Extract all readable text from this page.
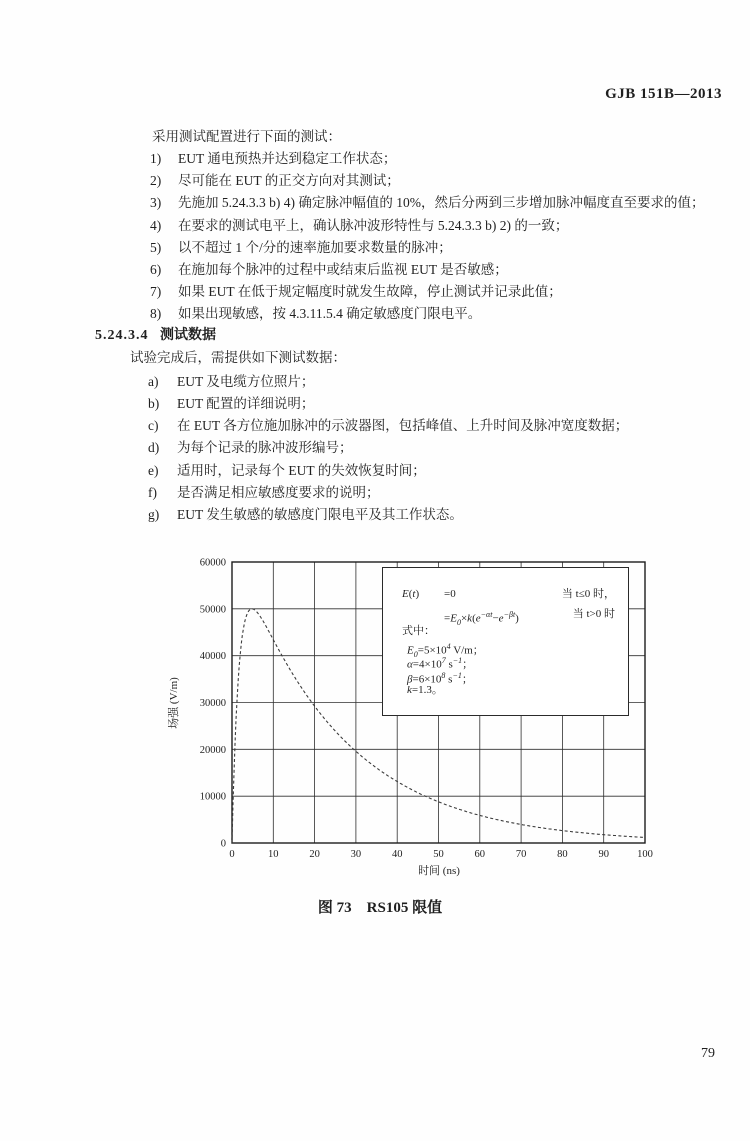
GJB 151B—2013
采用测试配置进行下面的测试：
1) EUT 通电预热并达到稳定工作状态；
2) 尽可能在 EUT 的正交方向对其测试；
3) 先施加 5.24.3.3 b) 4) 确定脉冲幅值的 10%，然后分两到三步增加脉冲幅度直至要求的值；
4) 在要求的测试电平上，确认脉冲波形特性与 5.24.3.3 b) 2) 的一致；
5) 以不超过 1 个/分的速率施加要求数量的脉冲；
6) 在施加每个脉冲的过程中或结束后监视 EUT 是否敏感；
7) 如果 EUT 在低于规定幅度时就发生故障，停止测试并记录此值；
8) 如果出现敏感，按 4.3.11.5.4 确定敏感度门限电平。
5.24.3.4 测试数据
试验完成后，需提供如下测试数据：
a) EUT 及电缆方位照片；
b) EUT 配置的详细说明；
c) 在 EUT 各方位施加脉冲的示波器图，包括峰值、上升时间及脉冲宽度数据；
d) 为每个记录的脉冲波形编号；
e) 适用时，记录每个 EUT 的失效恢复时间；
f) 是否满足相应敏感度要求的说明；
g) EUT 发生敏感的敏感度门限电平及其工作状态。
0	10	20	30	40	50	60	70	80	90	100
0
10000
20000
30000
40000
50000
60000
场强 (V/m)
时间 (ns)
E(t) =0	当 t≤0 时，
$=E_0\times k(e^{-\alpha t}-e^{-\beta t})$	当 t>0 时
式中：
$E_0=5\times 10^4$ V/m；
$\alpha=4\times 10^7$ $s^{-1}$；
$\beta=6\times 10^8$ $s^{-1}$；
k=1.3。
图 73　RS105 限值
79
